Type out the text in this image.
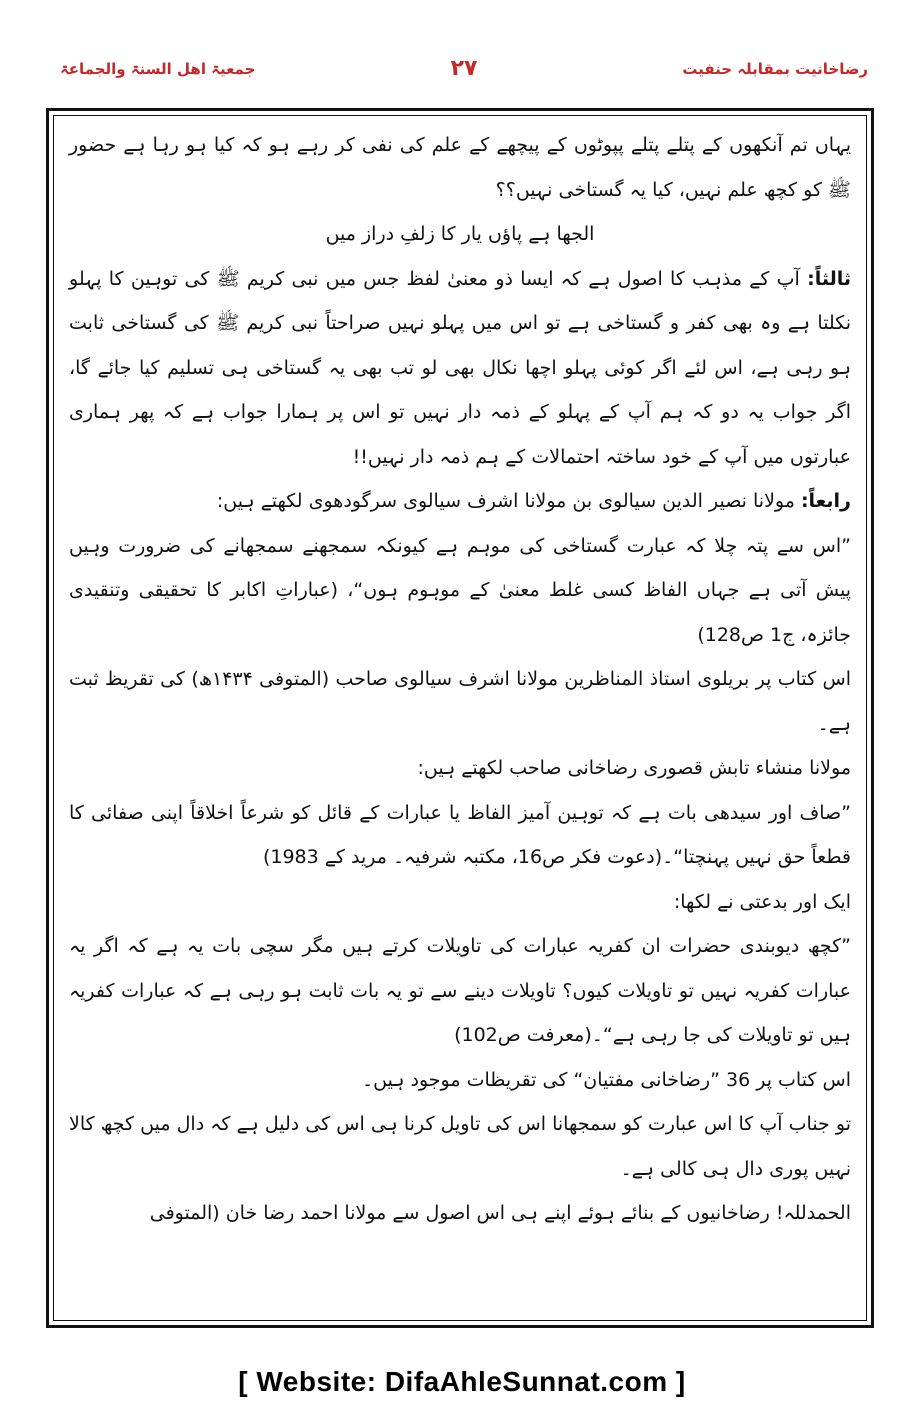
رضاخانیت بمقابلہ حنفیت
۲۷
جمعیۃ اهل السنۃ والجماعۃ

یہاں تم آنکھوں کے پتلے پتلے پپوٹوں کے پیچھے کے علم کی نفی کر رہے ہو کہ کیا ہو رہا ہے حضور ﷺ کو کچھ علم نہیں، کیا یہ گستاخی نہیں؟؟

الجھا ہے پاؤں یار کا زلفِ دراز میں

ثالثاً: آپ کے مذہب کا اصول ہے کہ ایسا ذو معنیٰ لفظ جس میں نبی کریم ﷺ کی توہین کا پہلو نکلتا ہے وہ بھی کفر و گستاخی ہے تو اس میں پہلو نہیں صراحتاً نبی کریم ﷺ کی گستاخی ثابت ہو رہی ہے، اس لئے اگر کوئی پہلو اچھا نکال بھی لو تب بھی یہ گستاخی ہی تسلیم کیا جائے گا، اگر جواب یہ دو کہ ہم آپ کے پہلو کے ذمہ دار نہیں تو اس پر ہمارا جواب ہے کہ پھر ہماری عبارتوں میں آپ کے خود ساختہ احتمالات کے ہم ذمہ دار نہیں!!

رابعاً: مولانا نصیر الدین سیالوی بن مولانا اشرف سیالوی سرگودھوی لکھتے ہیں:

”اس سے پتہ چلا کہ عبارت گستاخی کی موہم ہے کیونکہ سمجھنے سمجھانے کی ضرورت وہیں پیش آتی ہے جہاں الفاظ کسی غلط معنیٰ کے موہوم ہوں“، (عباراتِ اکابر کا تحقیقی وتنقیدی جائزہ، ج1 ص128)

اس کتاب پر بریلوی استاذ المناظرین مولانا اشرف سیالوی صاحب (المتوفی ۱۴۳۴ھ) کی تقریظ ثبت ہے۔

مولانا منشاء تابش قصوری رضاخانی صاحب لکھتے ہیں:

”صاف اور سیدھی بات ہے کہ توہین آمیز الفاظ یا عبارات کے قائل کو شرعاً اخلاقاً اپنی صفائی کا قطعاً حق نہیں پہنچتا“۔(دعوت فکر ص16، مکتبہ شرفیہ۔ مرید کے 1983)

ایک اور بدعتی نے لکھا:

”کچھ دیوبندی حضرات ان کفریہ عبارات کی تاویلات کرتے ہیں مگر سچی بات یہ ہے کہ اگر یہ عبارات کفریہ نہیں تو تاویلات کیوں؟ تاویلات دینے سے تو یہ بات ثابت ہو رہی ہے کہ عبارات کفریہ ہیں تو تاویلات کی جا رہی ہے“۔(معرفت ص102)

اس کتاب پر 36 ”رضاخانی مفتیان“ کی تقریظات موجود ہیں۔

تو جناب آپ کا اس عبارت کو سمجھانا اس کی تاویل کرنا ہی اس کی دلیل ہے کہ دال میں کچھ کالا نہیں پوری دال ہی کالی ہے۔

الحمدللہ! رضاخانیوں کے بنائے ہوئے اپنے ہی اس اصول سے مولانا احمد رضا خان (المتوفی

[ Website: DifaAhleSunnat.com ]
